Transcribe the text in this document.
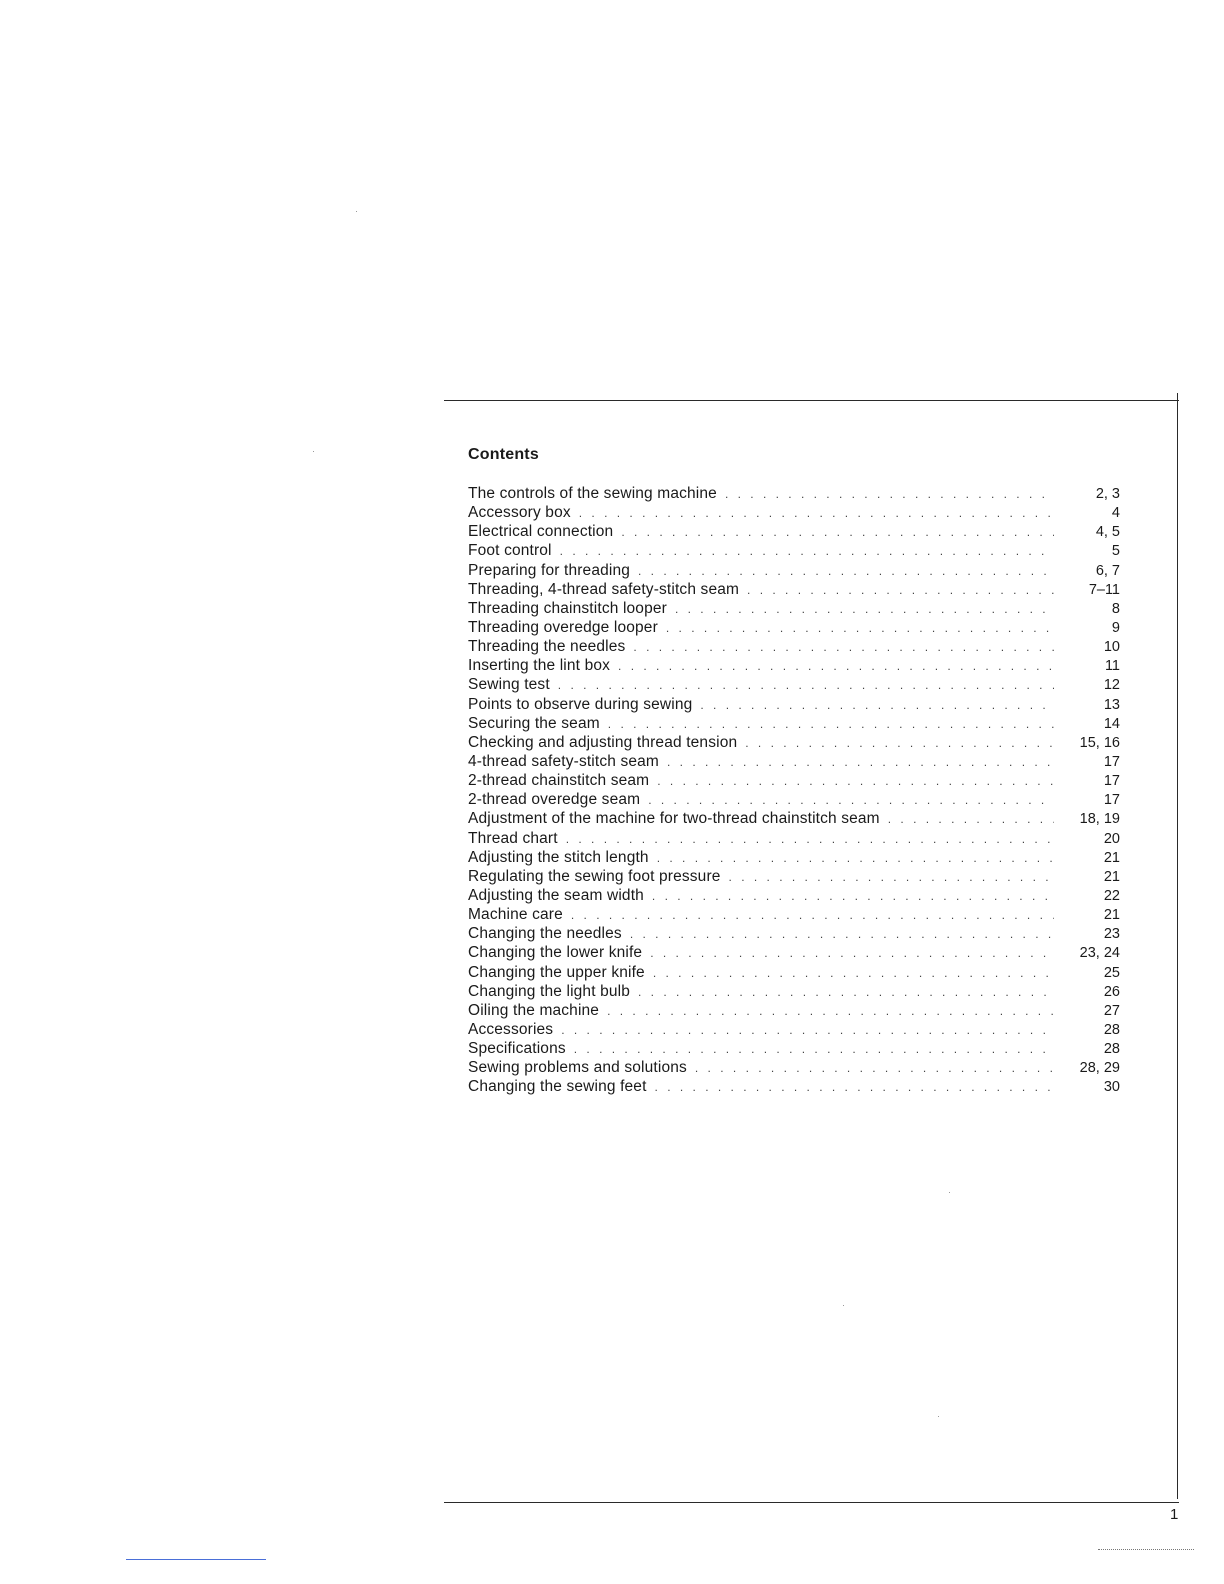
Contents
The controls of the sewing machine . . .	2, 3
Accessory box . . .	4
Electrical connection . . .	4, 5
Foot control . . .	5
Preparing for threading . . .	6, 7
Threading, 4-thread safety-stitch seam . . .	7–11
Threading chainstitch looper . . .	8
Threading overedge looper . . .	9
Threading the needles . . .	10
Inserting the lint box . . .	11
Sewing test . . .	12
Points to observe during sewing . . .	13
Securing the seam . . .	14
Checking and adjusting thread tension . . .	15, 16
4-thread safety-stitch seam . . .	17
2-thread chainstitch seam . . .	17
2-thread overedge seam . . .	17
Adjustment of the machine for two-thread chainstitch seam . . .	18, 19
Thread chart . . .	20
Adjusting the stitch length . . .	21
Regulating the sewing foot pressure . . .	21
Adjusting the seam width . . .	22
Machine care . . .	21
Changing the needles . . .	23
Changing the lower knife . . .	23, 24
Changing the upper knife . . .	25
Changing the light bulb . . .	26
Oiling the machine . . .	27
Accessories . . .	28
Specifications . . .	28
Sewing problems and solutions . . .	28, 29
Changing the sewing feet . . .	30
1
